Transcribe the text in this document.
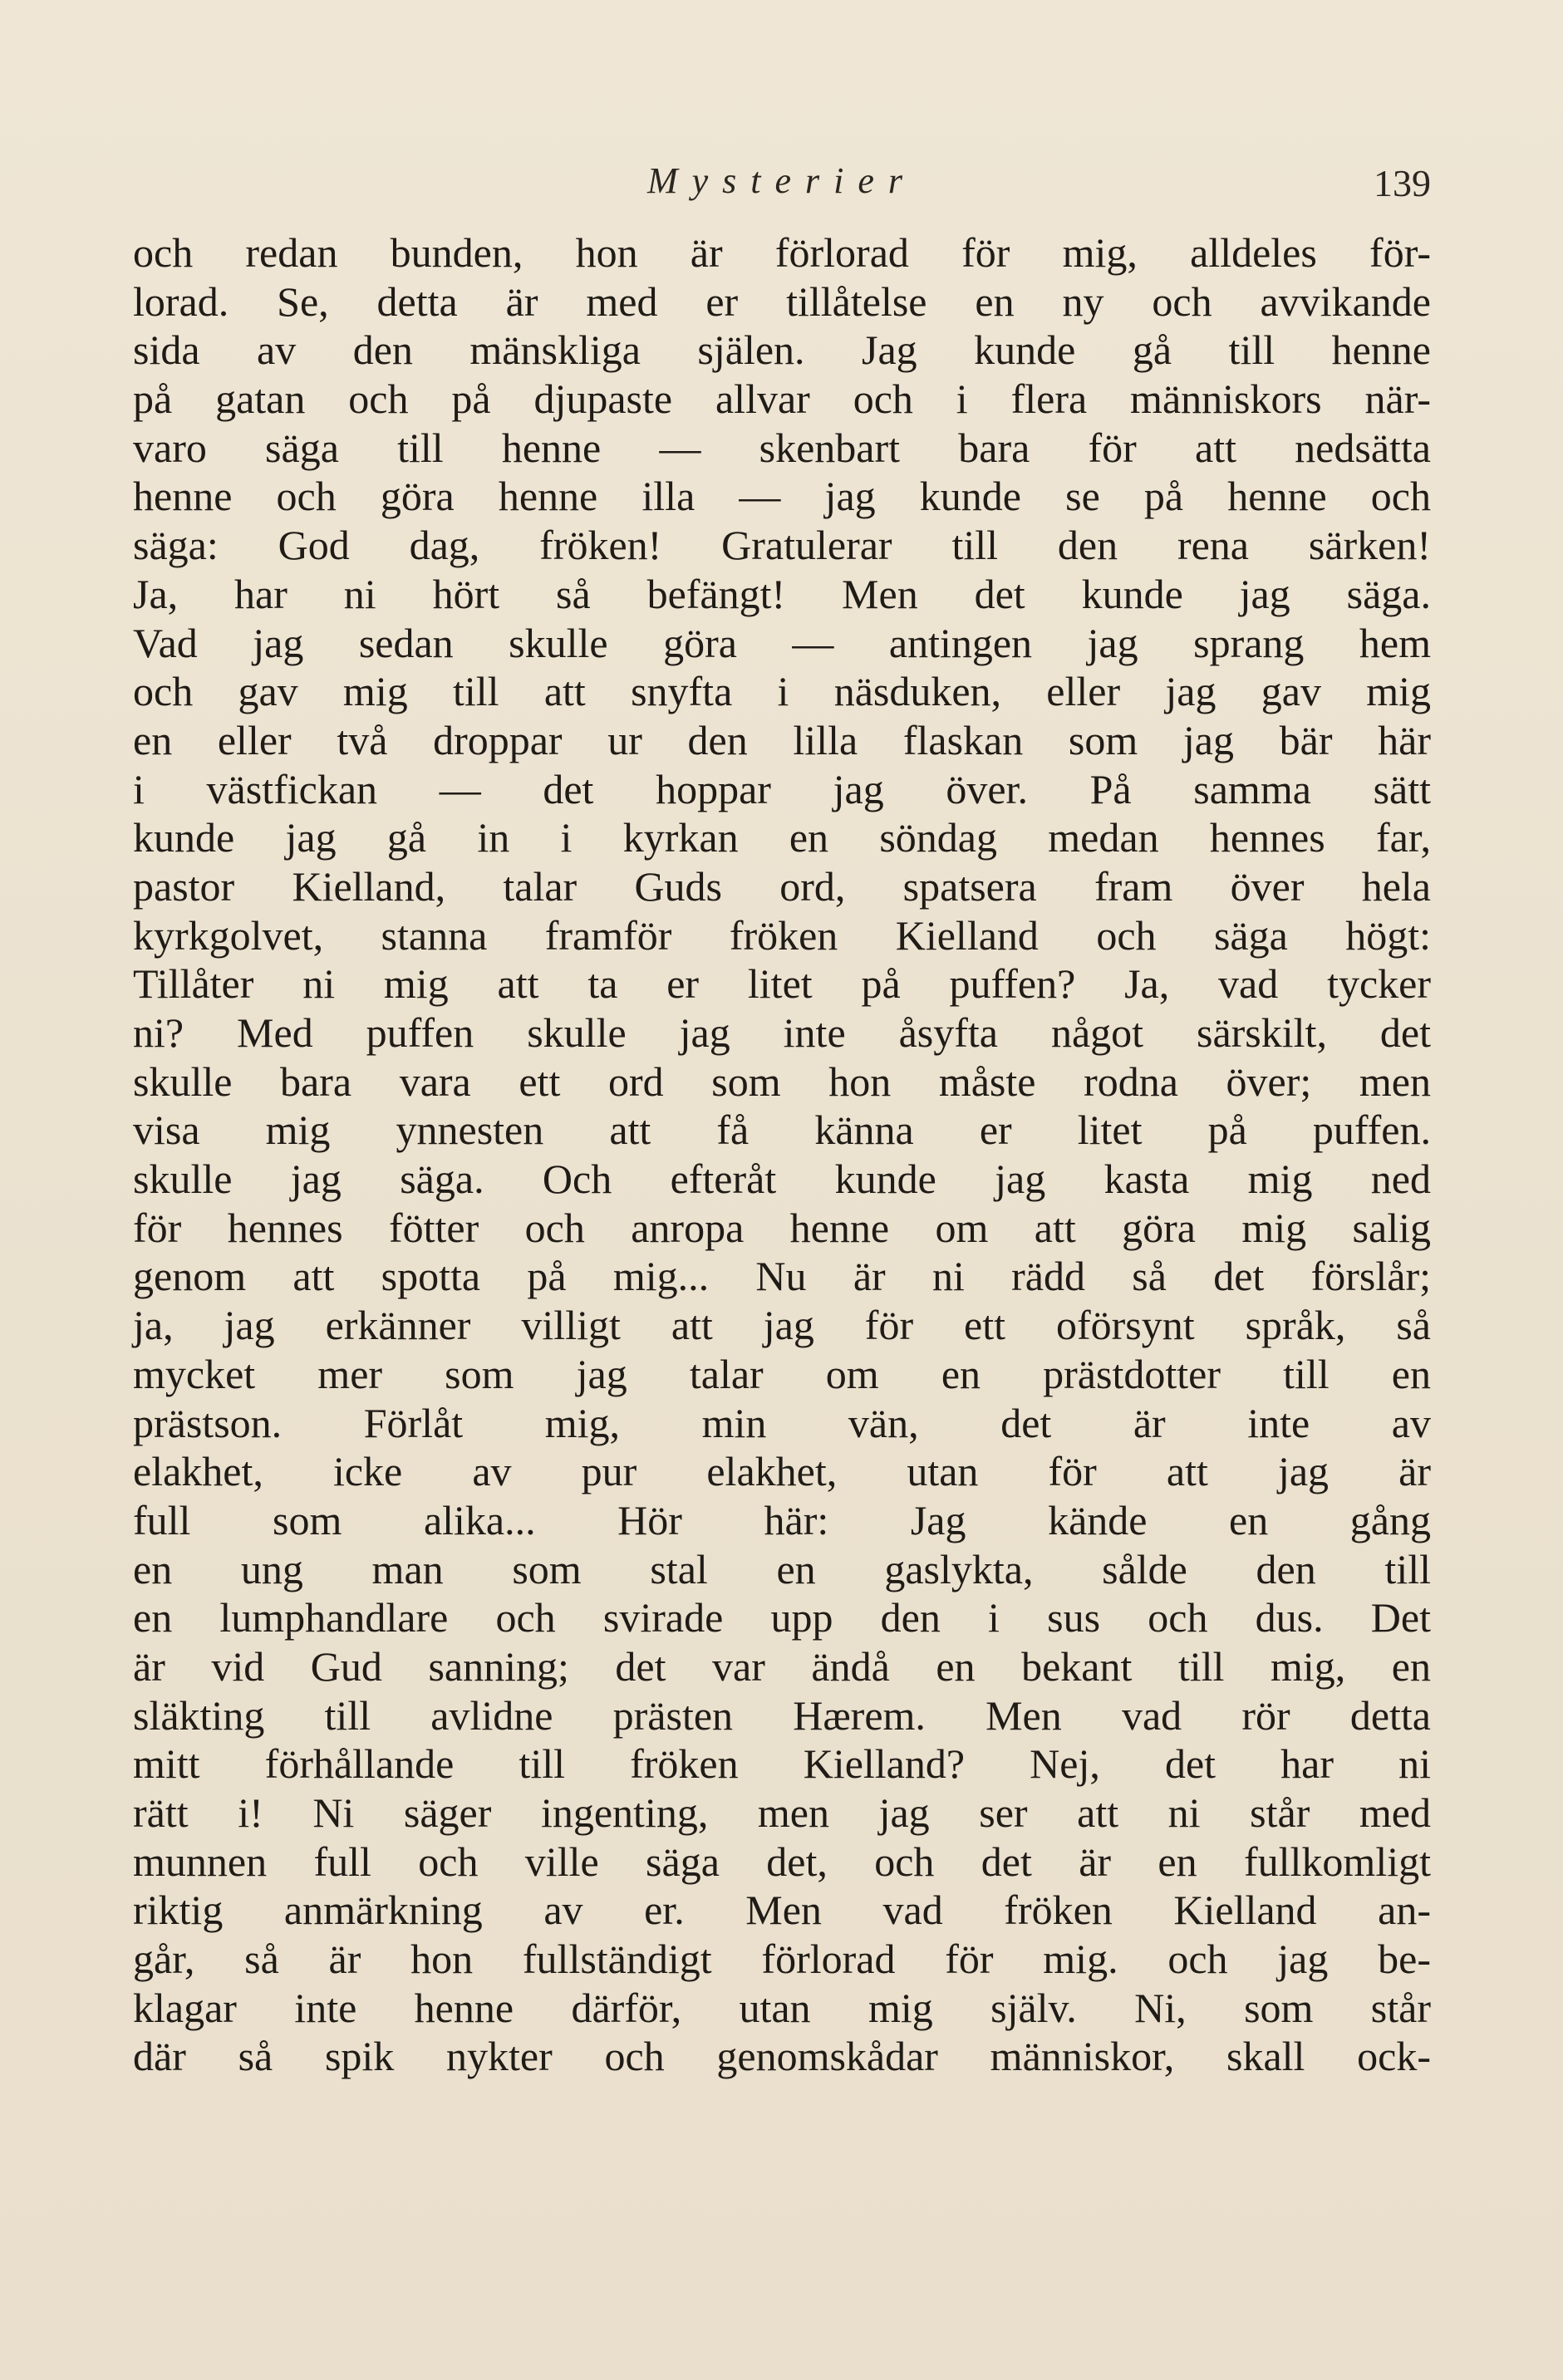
Mysterier	139
och redan bunden, hon är förlorad för mig, alldeles för-
lorad. Se, detta är med er tillåtelse en ny och avvikande
sida av den mänskliga själen. Jag kunde gå till henne
på gatan och på djupaste allvar och i flera människors när-
varo säga till henne — skenbart bara för att nedsätta
henne och göra henne illa — jag kunde se på henne och
säga: God dag, fröken! Gratulerar till den rena särken!
Ja, har ni hört så befängt! Men det kunde jag säga.
Vad jag sedan skulle göra — antingen jag sprang hem
och gav mig till att snyfta i näsduken, eller jag gav mig
en eller två droppar ur den lilla flaskan som jag bär här
i västfickan — det hoppar jag över. På samma sätt
kunde jag gå in i kyrkan en söndag medan hennes far,
pastor Kielland, talar Guds ord, spatsera fram över hela
kyrkgolvet, stanna framför fröken Kielland och säga högt:
Tillåter ni mig att ta er litet på puffen? Ja, vad tycker
ni? Med puffen skulle jag inte åsyfta något särskilt, det
skulle bara vara ett ord som hon måste rodna över; men
visa mig ynnesten att få känna er litet på puffen.
skulle jag säga. Och efteråt kunde jag kasta mig ned
för hennes fötter och anropa henne om att göra mig salig
genom att spotta på mig... Nu är ni rädd så det förslår;
ja, jag erkänner villigt att jag för ett oförsynt språk, så
mycket mer som jag talar om en prästdotter till en
prästson. Förlåt mig, min vän, det är inte av
elakhet, icke av pur elakhet, utan för att jag är
full som alika... Hör här: Jag kände en gång
en ung man som stal en gaslykta, sålde den till
en lumphandlare och svirade upp den i sus och dus. Det
är vid Gud sanning; det var ändå en bekant till mig, en
släkting till avlidne prästen Hærem. Men vad rör detta
mitt förhållande till fröken Kielland? Nej, det har ni
rätt i! Ni säger ingenting, men jag ser att ni står med
munnen full och ville säga det, och det är en fullkomligt
riktig anmärkning av er. Men vad fröken Kielland an-
går, så är hon fullständigt förlorad för mig. och jag be-
klagar inte henne därför, utan mig själv. Ni, som står
där så spik nykter och genomskådar människor, skall ock-
